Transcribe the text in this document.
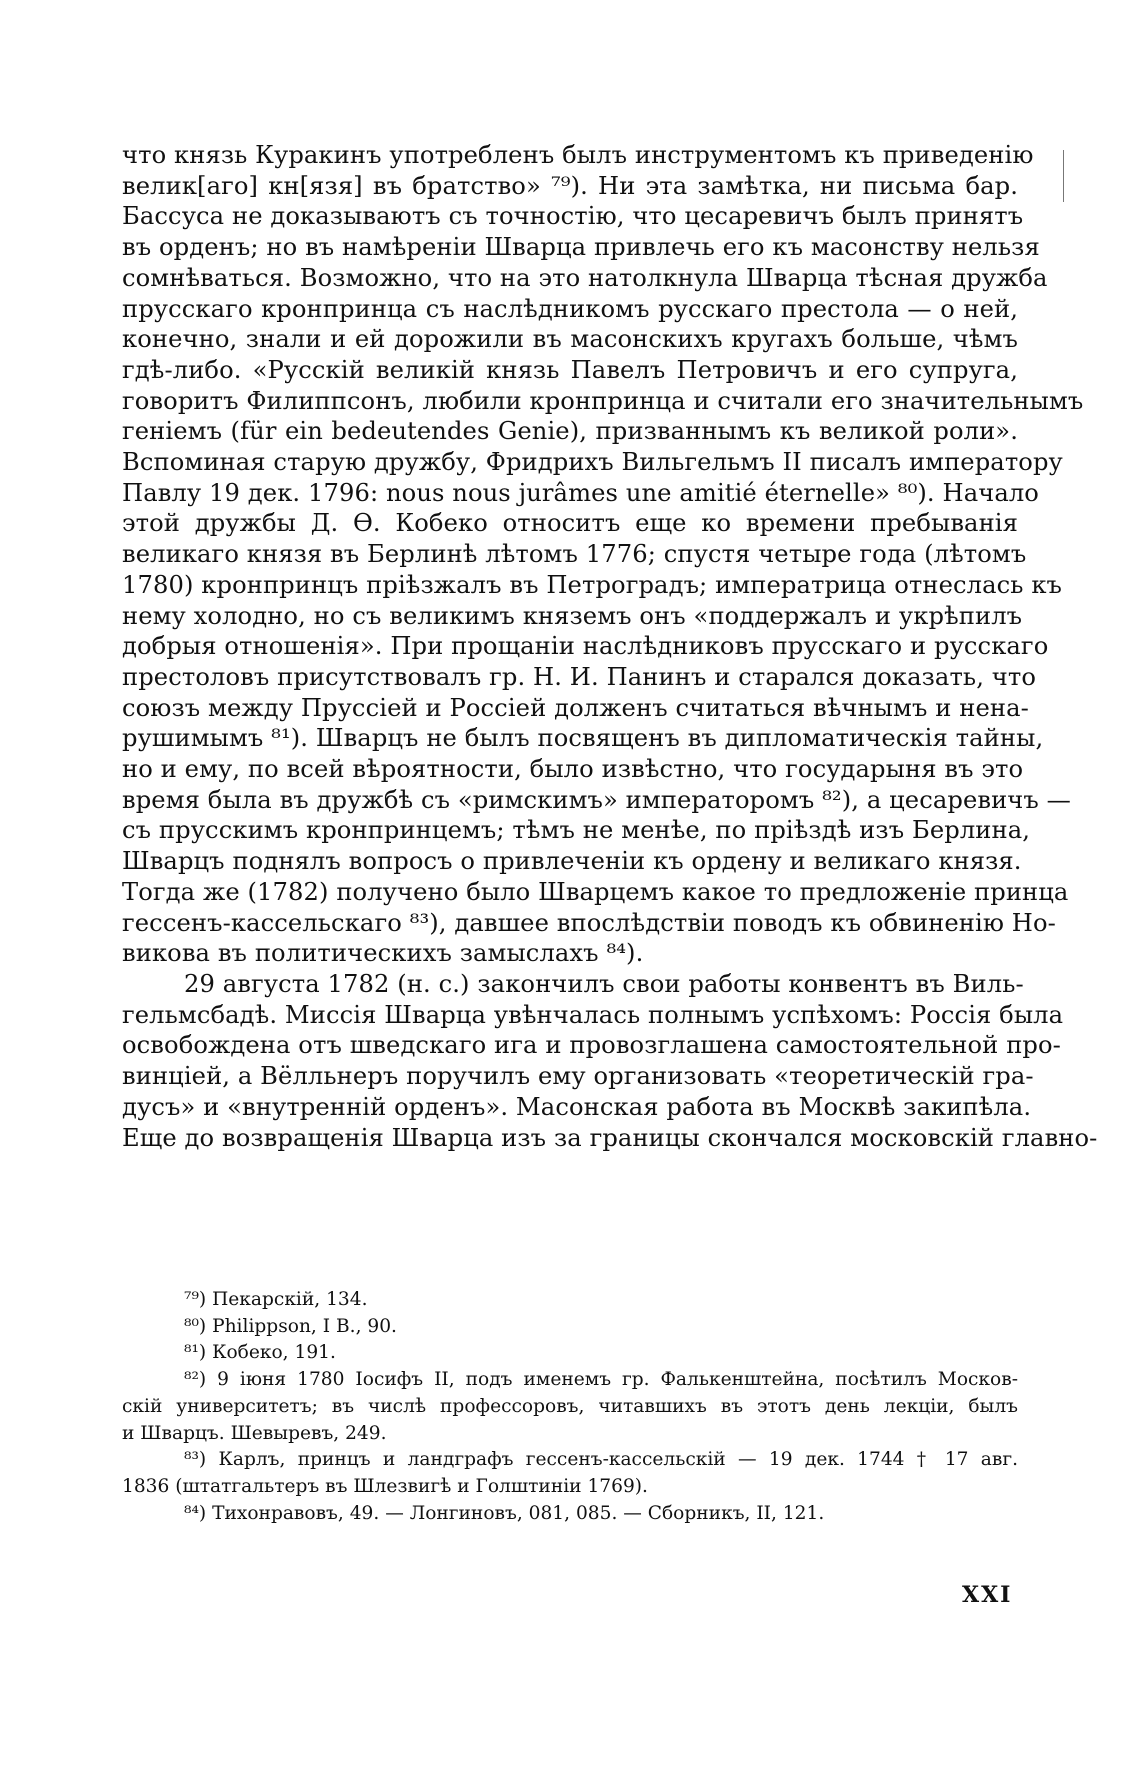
что князь Куракинъ употребленъ былъ инструментомъ къ приведенію
велик[аго] кн[язя] въ братство» ⁷⁹). Ни эта замѣтка, ни письма бар.
Бассуса не доказываютъ съ точностію, что цесаревичъ былъ принятъ
въ орденъ; но въ намѣреніи Шварца привлечь его къ масонству нельзя
сомнѣваться. Возможно, что на это натолкнула Шварца тѣсная дружба
прусскаго кронпринца съ наслѣдникомъ русскаго престола — о ней,
конечно, знали и ей дорожили въ масонскихъ кругахъ больше, чѣмъ
гдѣ-либо. «Русскій великій князь Павелъ Петровичъ и его супруга,
говоритъ Филиппсонъ, любили кронпринца и считали его значительнымъ
геніемъ (für ein bedeutendes Genie), призваннымъ къ великой роли».
Вспоминая старую дружбу, Фридрихъ Вильгельмъ II писалъ императору
Павлу 19 дек. 1796: nous nous jurâmes une amitié éternelle» ⁸⁰). Начало
этой дружбы Д. Ѳ. Кобеко относитъ еще ко времени пребыванія
великаго князя въ Берлинѣ лѣтомъ 1776; спустя четыре года (лѣтомъ
1780) кронпринцъ пріѣзжалъ въ Петроградъ; императрица отнеслась къ
нему холодно, но съ великимъ княземъ онъ «поддержалъ и укрѣпилъ
добрыя отношенія». При прощаніи наслѣдниковъ прусскаго и русскаго
престоловъ присутствовалъ гр. Н. И. Панинъ и старался доказать, что
союзъ между Пруссіей и Россіей долженъ считаться вѣчнымъ и нена-
рушимымъ ⁸¹). Шварцъ не былъ посвященъ въ дипломатическія тайны,
но и ему, по всей вѣроятности, было извѣстно, что государыня въ это
время была въ дружбѣ съ «римскимъ» императоромъ ⁸²), а цесаревичъ —
съ прусскимъ кронпринцемъ; тѣмъ не менѣе, по пріѣздѣ изъ Берлина,
Шварцъ поднялъ вопросъ о привлеченіи къ ордену и великаго князя.
Тогда же (1782) получено было Шварцемъ какое то предложеніе принца
гессенъ-кассельскаго ⁸³), давшее впослѣдствіи поводъ къ обвиненію Но-
викова въ политическихъ замыслахъ ⁸⁴).
29 августа 1782 (н. с.) закончилъ свои работы конвентъ въ Виль-
гельмсбадѣ. Миссія Шварца увѣнчалась полнымъ успѣхомъ: Россія была
освобождена отъ шведскаго ига и провозглашена самостоятельной про-
винціей, а Вёлльнеръ поручилъ ему организовать «теоретическій гра-
дусъ» и «внутренній орденъ». Масонская работа въ Москвѣ закипѣла.
Еще до возвращенія Шварца изъ за границы скончался московскій главно-
⁷⁹) Пекарскій, 134.
⁸⁰) Philippson, I B., 90.
⁸¹) Кобеко, 191.
⁸²) 9 іюня 1780 Іосифъ II, подъ именемъ гр. Фалькенштейна, посѣтилъ Москов-
скій университетъ; въ числѣ профессоровъ, читавшихъ въ этотъ день лекціи, былъ
и Шварцъ. Шевыревъ, 249.
⁸³) Карлъ, принцъ и ландграфъ гессенъ-кассельскій — 19 дек. 1744 † 17 авг.
1836 (штатгальтеръ въ Шлезвигѣ и Голштиніи 1769).
⁸⁴) Тихонравовъ, 49. — Лонгиновъ, 081, 085. — Сборникъ, II, 121.
XXI
